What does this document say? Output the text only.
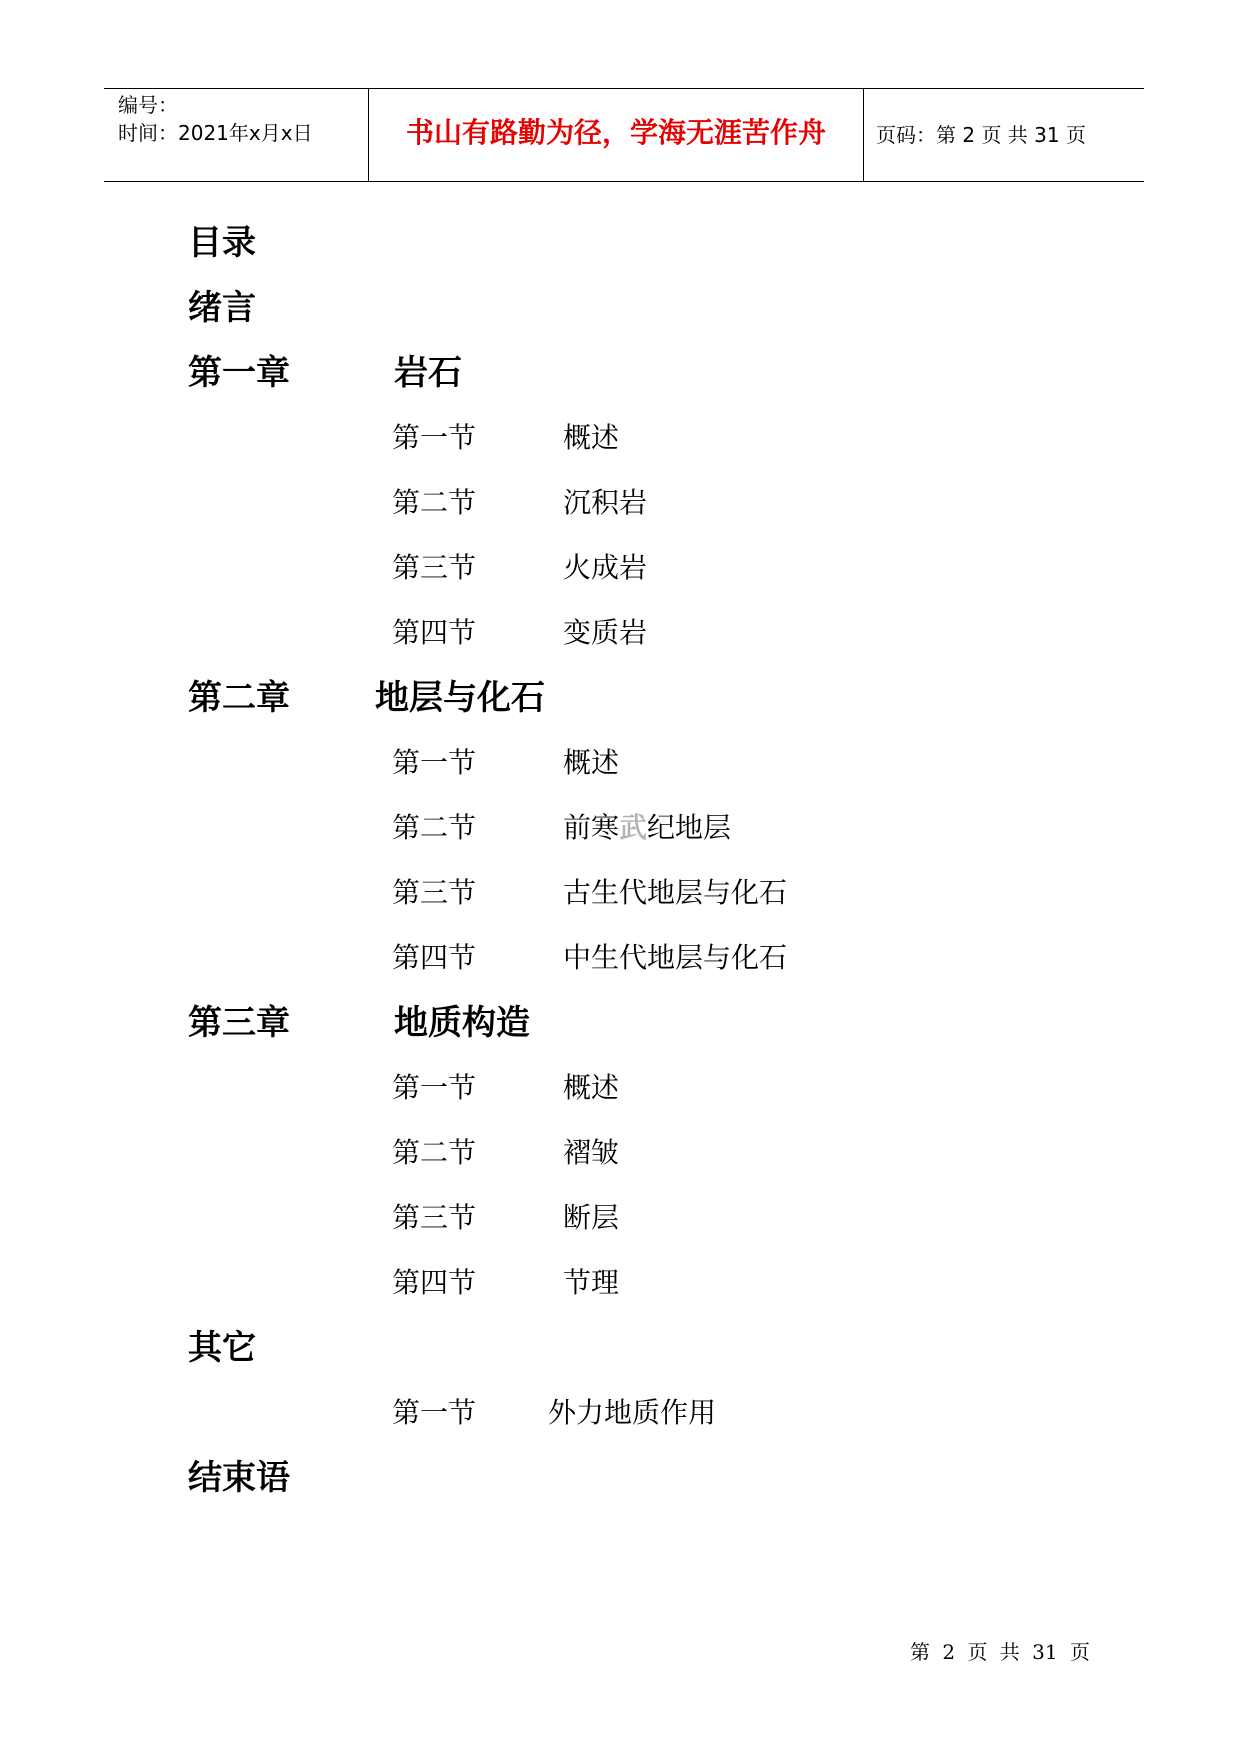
编号：
时间：2021年x月x日	书山有路勤为径，学海无涯苦作舟	页码：第 2 页 共 31 页
目录
绪言
第一章	岩石
第一节	概述
第二节	沉积岩
第三节	火成岩
第四节	变质岩
第二章	地层与化石
第一节	概述
第二节	前寒武纪地层
第三节	古生代地层与化石
第四节	中生代地层与化石
第三章	地质构造
第一节	概述
第二节	褶皱
第三节	断层
第四节	节理
其它
第一节	外力地质作用
结束语
第 2 页 共 31 页
